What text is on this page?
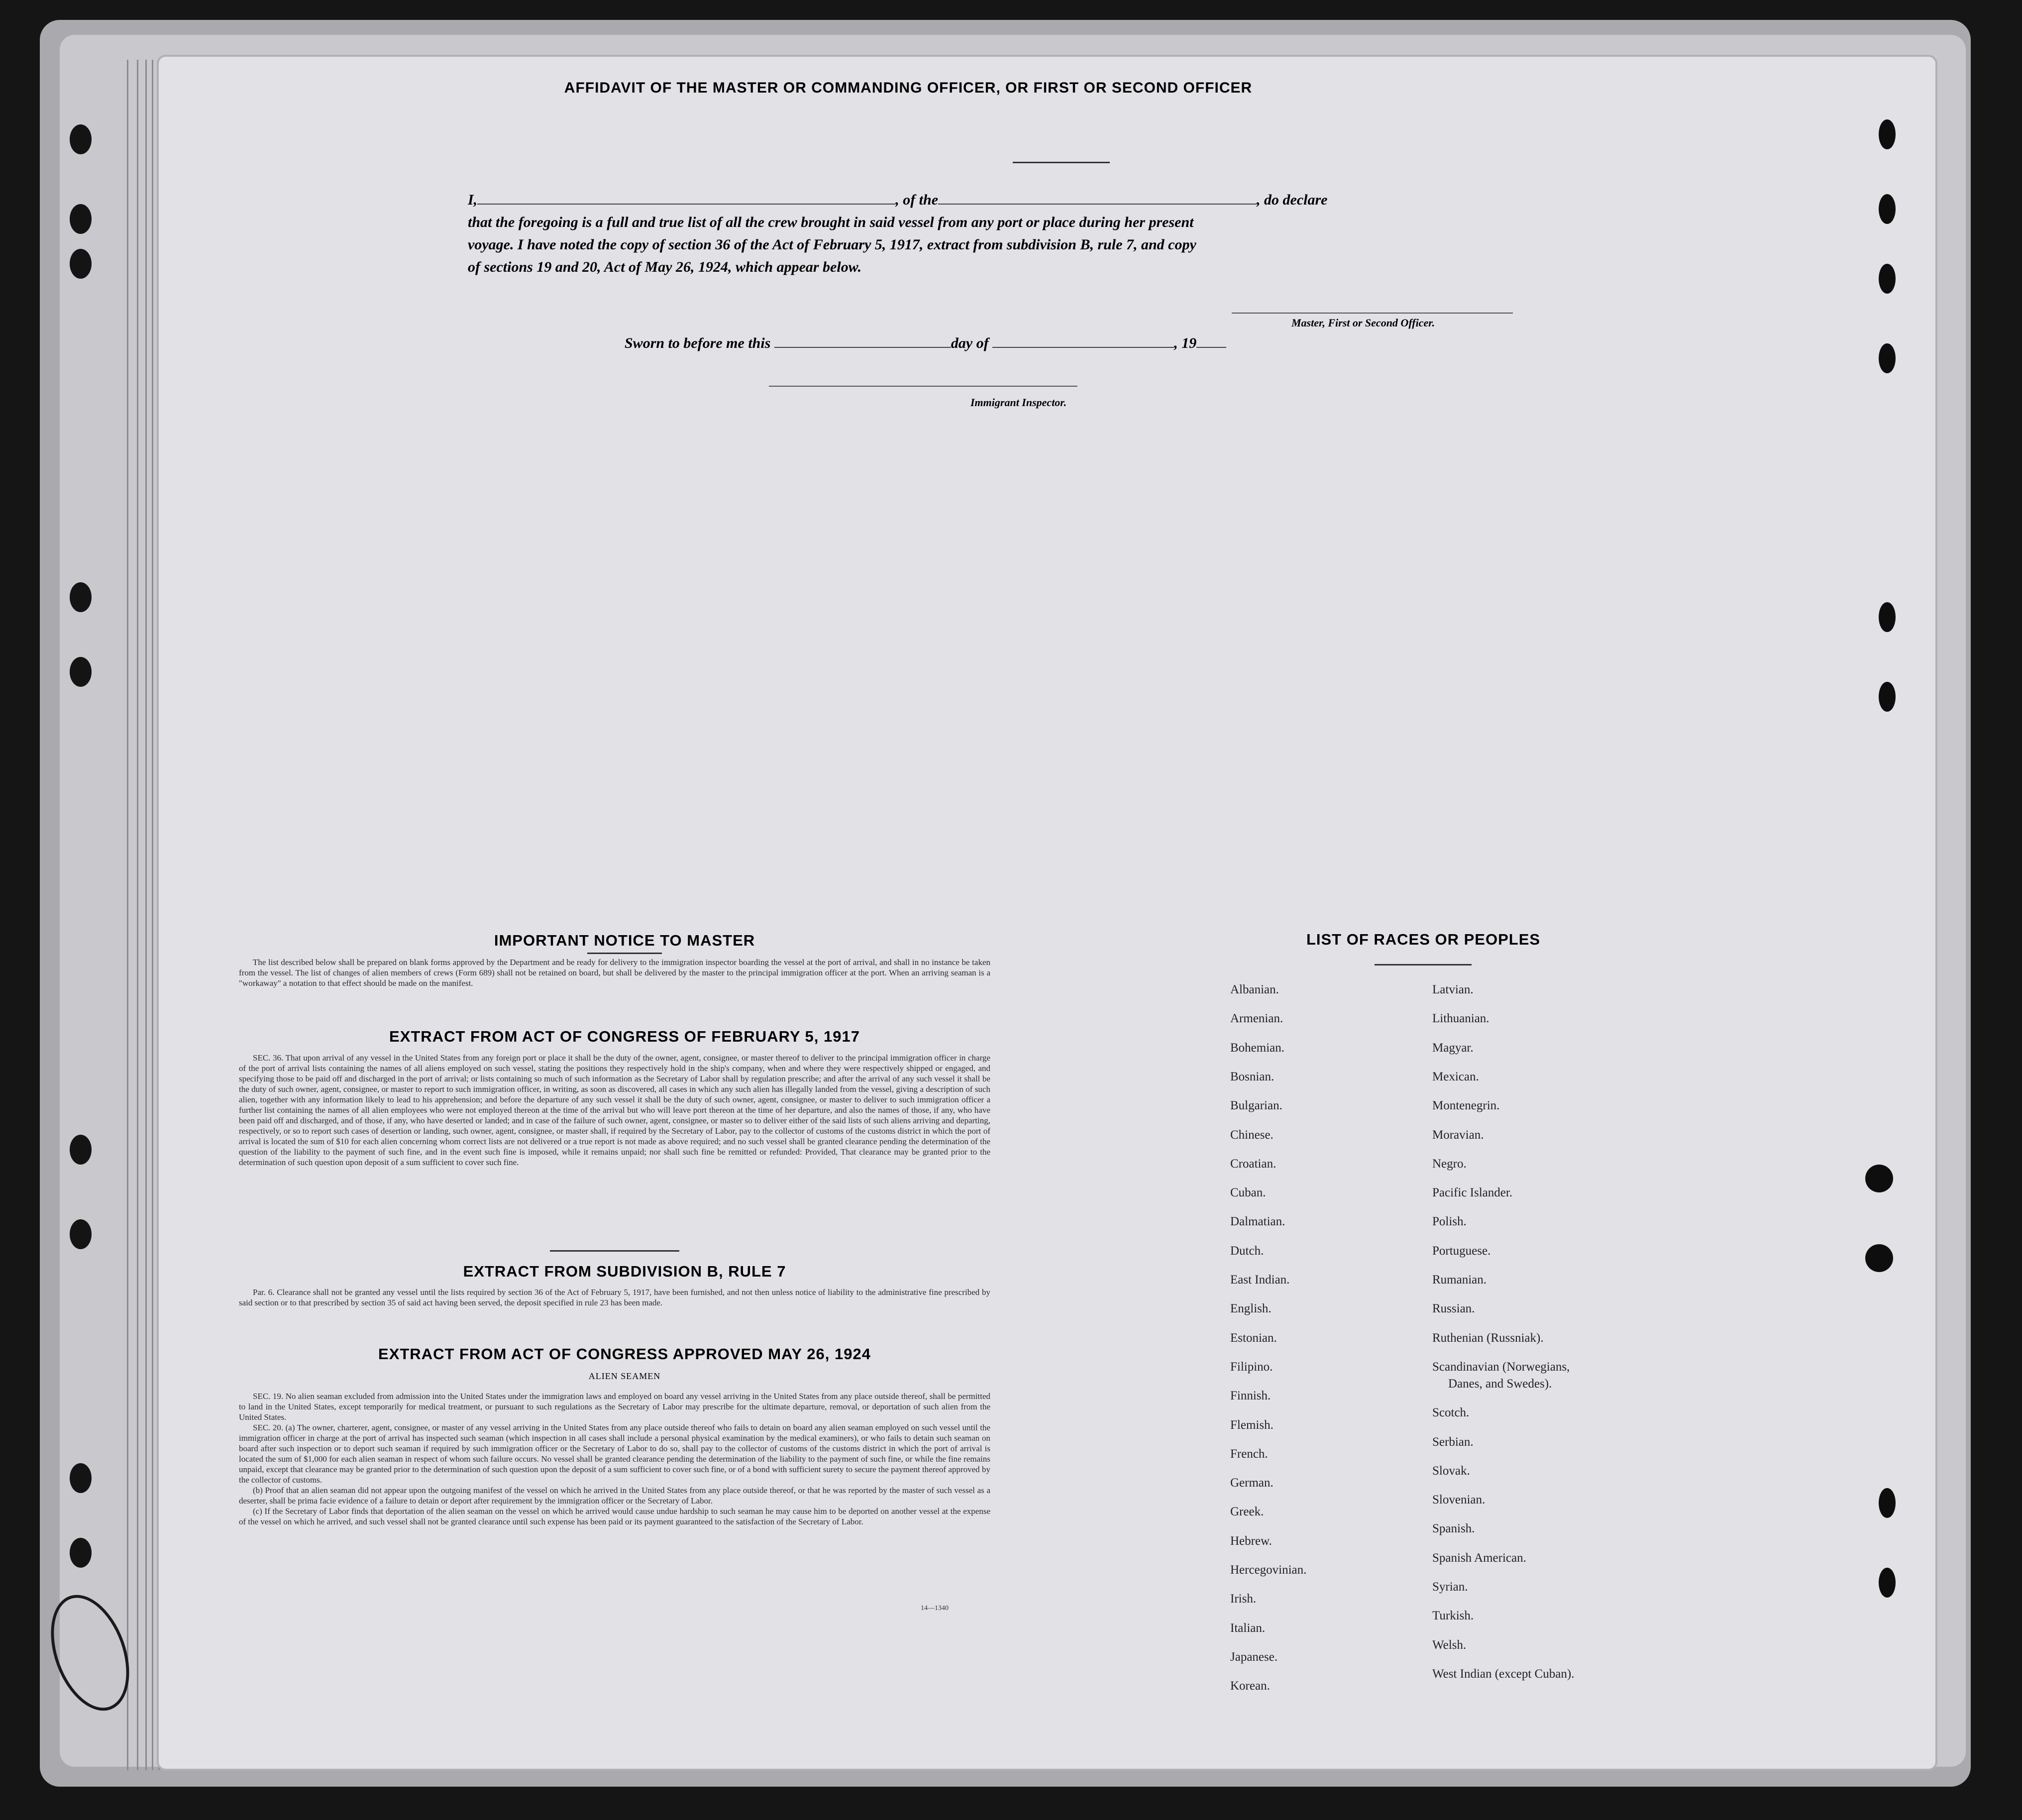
AFFIDAVIT OF THE MASTER OR COMMANDING OFFICER, OR FIRST OR SECOND OFFICER
I,	, of the	, do declare
that the foregoing is a full and true list of all the crew brought in said vessel from any port or place during her present
voyage. I have noted the copy of section 36 of the Act of February 5, 1917, extract from subdivision B, rule 7, and copy
of sections 19 and 20, Act of May 26, 1924, which appear below.
Master, First or Second Officer.
Sworn to before me this	day of	, 19
Immigrant Inspector.
IMPORTANT NOTICE TO MASTER

The list described below shall be prepared on blank forms approved by the Department and be ready for delivery to the immigration inspector boarding the vessel at the port of arrival, and shall in no instance be taken from the vessel. The list of changes of alien members of crews (Form 689) shall not be retained on board, but shall be delivered by the master to the principal immigration officer at the port. When an arriving seaman is a "workaway" a notation to that effect should be made on the manifest.

EXTRACT FROM ACT OF CONGRESS OF FEBRUARY 5, 1917

SEC. 36. That upon arrival of any vessel in the United States from any foreign port or place it shall be the duty of the owner, agent, consignee, or master thereof to deliver to the principal immigration officer in charge of the port of arrival lists containing the names of all aliens employed on such vessel, stating the positions they respectively hold in the ship's company, when and where they were respectively shipped or engaged, and specifying those to be paid off and discharged in the port of arrival; or lists containing so much of such information as the Secretary of Labor shall by regulation prescribe; and after the arrival of any such vessel it shall be the duty of such owner, agent, consignee, or master to report to such immigration officer, in writing, as soon as discovered, all cases in which any such alien has illegally landed from the vessel, giving a description of such alien, together with any information likely to lead to his apprehension; and before the departure of any such vessel it shall be the duty of such owner, agent, consignee, or master to deliver to such immigration officer a further list containing the names of all alien employees who were not employed thereon at the time of the arrival but who will leave port thereon at the time of her departure, and also the names of those, if any, who have been paid off and discharged, and of those, if any, who have deserted or landed; and in case of the failure of such owner, agent, consignee, or master so to deliver either of the said lists of such aliens arriving and departing, respectively, or so to report such cases of desertion or landing, such owner, agent, consignee, or master shall, if required by the Secretary of Labor, pay to the collector of customs of the customs district in which the port of arrival is located the sum of $10 for each alien concerning whom correct lists are not delivered or a true report is not made as above required; and no such vessel shall be granted clearance pending the determination of the question of the liability to the payment of such fine, and in the event such fine is imposed, while it remains unpaid; nor shall such fine be remitted or refunded: Provided, That clearance may be granted prior to the determination of such question upon deposit of a sum sufficient to cover such fine.

EXTRACT FROM SUBDIVISION B, RULE 7

Par. 6. Clearance shall not be granted any vessel until the lists required by section 36 of the Act of February 5, 1917, have been furnished, and not then unless notice of liability to the administrative fine prescribed by said section or to that prescribed by section 35 of said act having been served, the deposit specified in rule 23 has been made.

EXTRACT FROM ACT OF CONGRESS APPROVED MAY 26, 1924
ALIEN SEAMEN

SEC. 19. No alien seaman excluded from admission into the United States under the immigration laws and employed on board any vessel arriving in the United States from any place outside thereof, shall be permitted to land in the United States, except temporarily for medical treatment, or pursuant to such regulations as the Secretary of Labor may prescribe for the ultimate departure, removal, or deportation of such alien from the United States.

SEC. 20. (a) The owner, charterer, agent, consignee, or master of any vessel arriving in the United States from any place outside thereof who fails to detain on board any alien seaman employed on such vessel until the immigration officer in charge at the port of arrival has inspected such seaman (which inspection in all cases shall include a personal physical examination by the medical examiners), or who fails to detain such seaman on board after such inspection or to deport such seaman if required by such immigration officer or the Secretary of Labor to do so, shall pay to the collector of customs of the customs district in which the port of arrival is located the sum of $1,000 for each alien seaman in respect of whom such failure occurs. No vessel shall be granted clearance pending the determination of the liability to the payment of such fine, or while the fine remains unpaid, except that clearance may be granted prior to the determination of such question upon the deposit of a sum sufficient to cover such fine, or of a bond with sufficient surety to secure the payment thereof approved by the collector of customs.

(b) Proof that an alien seaman did not appear upon the outgoing manifest of the vessel on which he arrived in the United States from any place outside thereof, or that he was reported by the master of such vessel as a deserter, shall be prima facie evidence of a failure to detain or deport after requirement by the immigration officer or the Secretary of Labor.

(c) If the Secretary of Labor finds that deportation of the alien seaman on the vessel on which he arrived would cause undue hardship to such seaman he may cause him to be deported on another vessel at the expense of the vessel on which he arrived, and such vessel shall not be granted clearance until such expense has been paid or its payment guaranteed to the satisfaction of the Secretary of Labor.

14—1340
LIST OF RACES OR PEOPLES
Albanian.
Armenian.
Bohemian.
Bosnian.
Bulgarian.
Chinese.
Croatian.
Cuban.
Dalmatian.
Dutch.
East Indian.
English.
Estonian.
Filipino.
Finnish.
Flemish.
French.
German.
Greek.
Hebrew.
Hercegovinian.
Irish.
Italian.
Japanese.
Korean.
Latvian.
Lithuanian.
Magyar.
Mexican.
Montenegrin.
Moravian.
Negro.
Pacific Islander.
Polish.
Portuguese.
Rumanian.
Russian.
Ruthenian (Russniak).
Scandinavian (Norwegians,
Danes, and Swedes).
Scotch.
Serbian.
Slovak.
Slovenian.
Spanish.
Spanish American.
Syrian.
Turkish.
Welsh.
West Indian (except Cuban).
